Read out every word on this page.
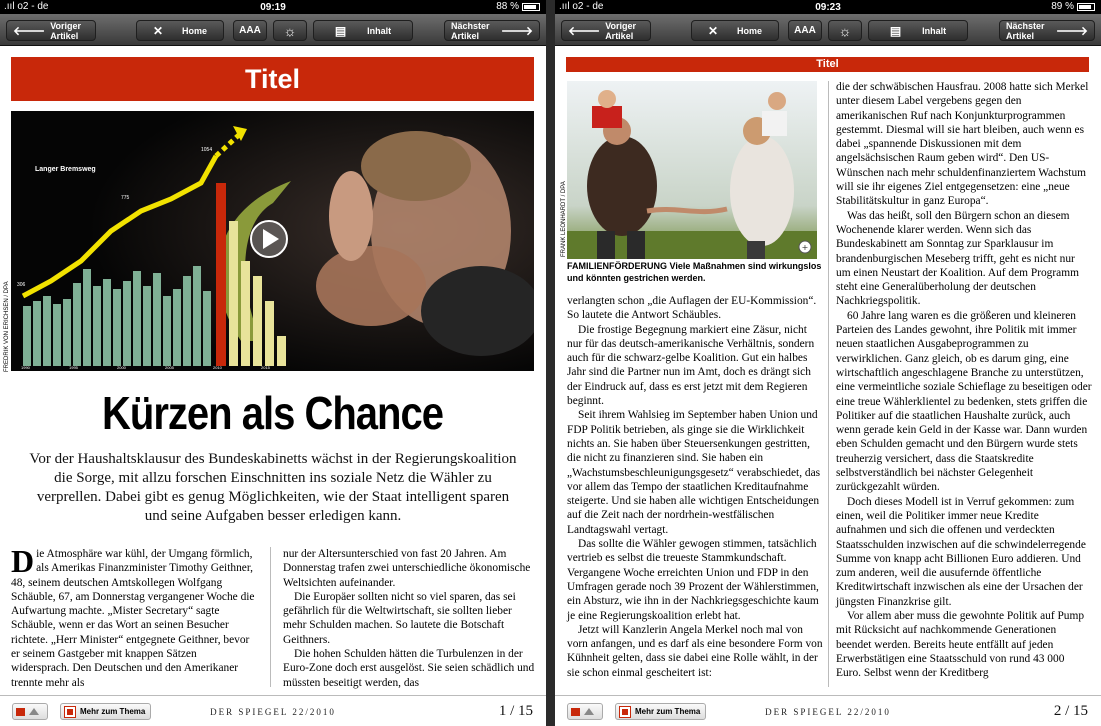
.ııl o2 - de	09:19	88 %
🡐 Voriger Artikel	✕ Home	AAA ☼	▤ Inhalt	Nächster Artikel	🡒
Titel
Langer Bremsweg
1054
775
306
1990	1995	2000	2005	2010	2015
FREDRIK VON ERICHSEN / DPA
Kürzen als Chance
Vor der Haushaltsklausur des Bundeskabinetts wächst in der Regierungskoalition die Sorge, mit allzu forschen Einschnitten ins soziale Netz die Wähler zu verprellen. Dabei gibt es genug Möglichkeiten, wie der Staat intelligent sparen und seine Aufgaben besser erledigen kann.

Die Atmosphäre war kühl, der Umgang förmlich, als Amerikas Finanzminister Timothy Geithner, 48, seinem deutschen Amtskollegen Wolfgang Schäuble, 67, am Donnerstag vergangener Woche die Aufwartung machte. „Mister Secretary“ sagte Schäuble, wenn er das Wort an seinen Besucher richtete. „Herr Minister“ entgegnete Geithner, bevor er seinem Gastgeber mit knappen Sätzen widersprach. Den Deutschen und den Amerikaner trennte mehr als

nur der Altersunterschied von fast 20 Jahren. Am Donnerstag trafen zwei unterschiedliche ökonomische Weltsichten aufeinander.

Die Europäer sollten nicht so viel sparen, das sei gefährlich für die Weltwirtschaft, sie sollten lieber mehr Schulden machen. So lautete die Botschaft Geithners.

Die hohen Schulden hätten die Turbulenzen in der Euro-Zone doch erst ausgelöst. Sie seien schädlich und müssten beseitigt werden, das

Mehr zum Thema	DER SPIEGEL 22/2010	1 / 15
.ııl o2 - de	09:23	89 %
🡐 Voriger Artikel	✕ Home	AAA ☼	▤ Inhalt	Nächster Artikel	🡒
Titel
+
FRANK LEONHARDT / DPA
FAMILIENFÖRDERUNG Viele Maßnahmen sind wirkungslos und könnten gestrichen werden.

verlangten schon „die Auflagen der EU-Kommission“. So lautete die Antwort Schäubles.

Die frostige Begegnung markiert eine Zäsur, nicht nur für das deutsch-amerikanische Verhältnis, sondern auch für die schwarz-gelbe Koalition. Gut ein halbes Jahr sind die Partner nun im Amt, doch es drängt sich der Eindruck auf, dass es erst jetzt mit dem Regieren beginnt.

Seit ihrem Wahlsieg im September haben Union und FDP Politik betrieben, als ginge sie die Wirklichkeit nichts an. Sie haben über Steuersenkungen gestritten, die nicht zu finanzieren sind. Sie haben ein „Wachstumsbeschleunigungsgesetz“ verabschiedet, das vor allem das Tempo der staatlichen Kreditaufnahme steigerte. Und sie haben alle wichtigen Entscheidungen auf die Zeit nach der nordrhein-westfälischen Landtagswahl vertagt.

Das sollte die Wähler gewogen stimmen, tatsächlich vertrieb es selbst die treueste Stammkundschaft. Vergangene Woche erreichten Union und FDP in den Umfragen gerade noch 39 Prozent der Wählerstimmen, ein Absturz, wie ihn in der Nachkriegsgeschichte kaum je eine Regierungskoalition erlebt hat.

Jetzt will Kanzlerin Angela Merkel noch mal von vorn anfangen, und es darf als eine besondere Form von Kühnheit gelten, dass sie dabei eine Rolle wählt, in der sie schon einmal gescheitert ist:

die der schwäbischen Hausfrau. 2008 hatte sich Merkel unter diesem Label vergebens gegen den amerikanischen Ruf nach Konjunkturprogrammen gestemmt. Diesmal will sie hart bleiben, auch wenn es dabei „spannende Diskussionen mit dem angelsächsischen Raum geben wird“. Den US-Wünschen nach mehr schuldenfinanziertem Wachstum will sie ihr eigenes Ziel entgegensetzen: eine „neue Stabilitätskultur in ganz Europa“.

Was das heißt, soll den Bürgern schon an diesem Wochenende klarer werden. Wenn sich das Bundeskabinett am Sonntag zur Sparklausur im brandenburgischen Meseberg trifft, geht es nicht nur um einen Neustart der Koalition. Auf dem Programm steht eine Generalüberholung der deutschen Nachkriegspolitik.

60 Jahre lang waren es die größeren und kleineren Parteien des Landes gewohnt, ihre Politik mit immer neuen staatlichen Ausgabeprogrammen zu verwirklichen. Ganz gleich, ob es darum ging, eine wirtschaftlich angeschlagene Branche zu unterstützen, eine vermeintliche soziale Schieflage zu beseitigen oder eine treue Wählerklientel zu bedenken, stets griffen die Politiker auf die staatlichen Haushalte zurück, auch wenn gerade kein Geld in der Kasse war. Dann wurden eben Schulden gemacht und den Bürgern wurde stets treuherzig versichert, dass die Staatskredite selbstverständlich bei nächster Gelegenheit zurückgezahlt würden.

Doch dieses Modell ist in Verruf gekommen: zum einen, weil die Politiker immer neue Kredite aufnahmen und sich die offenen und verdeckten Staatsschulden inzwischen auf die schwindelerregende Summe von knapp acht Billionen Euro addieren. Und zum anderen, weil die ausufernde öffentliche Kreditwirtschaft inzwischen als eine der Ursachen der jüngsten Finanzkrise gilt.

Vor allem aber muss die gewohnte Politik auf Pump mit Rücksicht auf nachkommende Generationen beendet werden. Bereits heute entfällt auf jeden Erwerbstätigen eine Staatsschuld von rund 43 000 Euro. Selbst wenn der Kreditberg

Mehr zum Thema	DER SPIEGEL 22/2010	2 / 15
